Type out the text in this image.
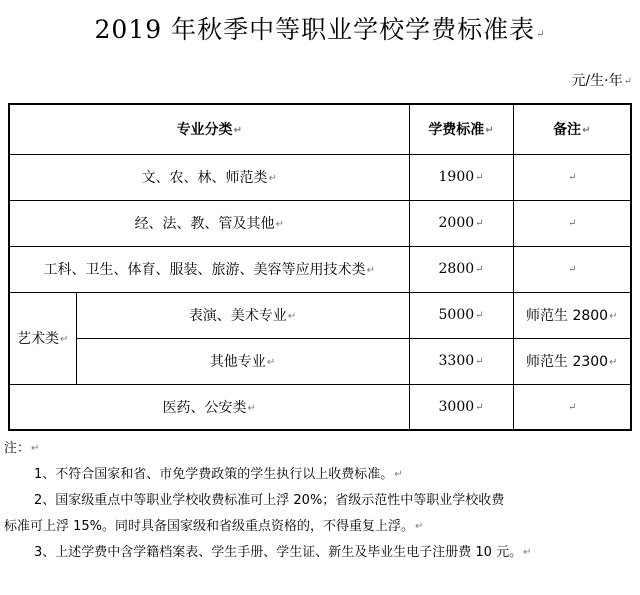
2019 年秋季中等职业学校学费标准表↵
元/生·年↵
专业分类↵		学费标准↵	备注↵
文、农、林、师范类↵		1900↵	↵
经、法、教、管及其他↵		2000↵	↵
工科、卫生、体育、服装、旅游、美容等应用技术类↵		2800↵	↵
艺术类↵	表演、美术专业↵	5000↵	师范生 2800↵
	其他专业↵	3300↵	师范生 2300↵
医药、公安类↵		3000↵	↵
注：↵
1、不符合国家和省、市免学费政策的学生执行以上收费标准。↵
2、国家级重点中等职业学校收费标准可上浮 20%；省级示范性中等职业学校收费
标准可上浮 15%。同时具备国家级和省级重点资格的，不得重复上浮。↵
3、上述学费中含学籍档案表、学生手册、学生证、新生及毕业生电子注册费 10 元。↵
